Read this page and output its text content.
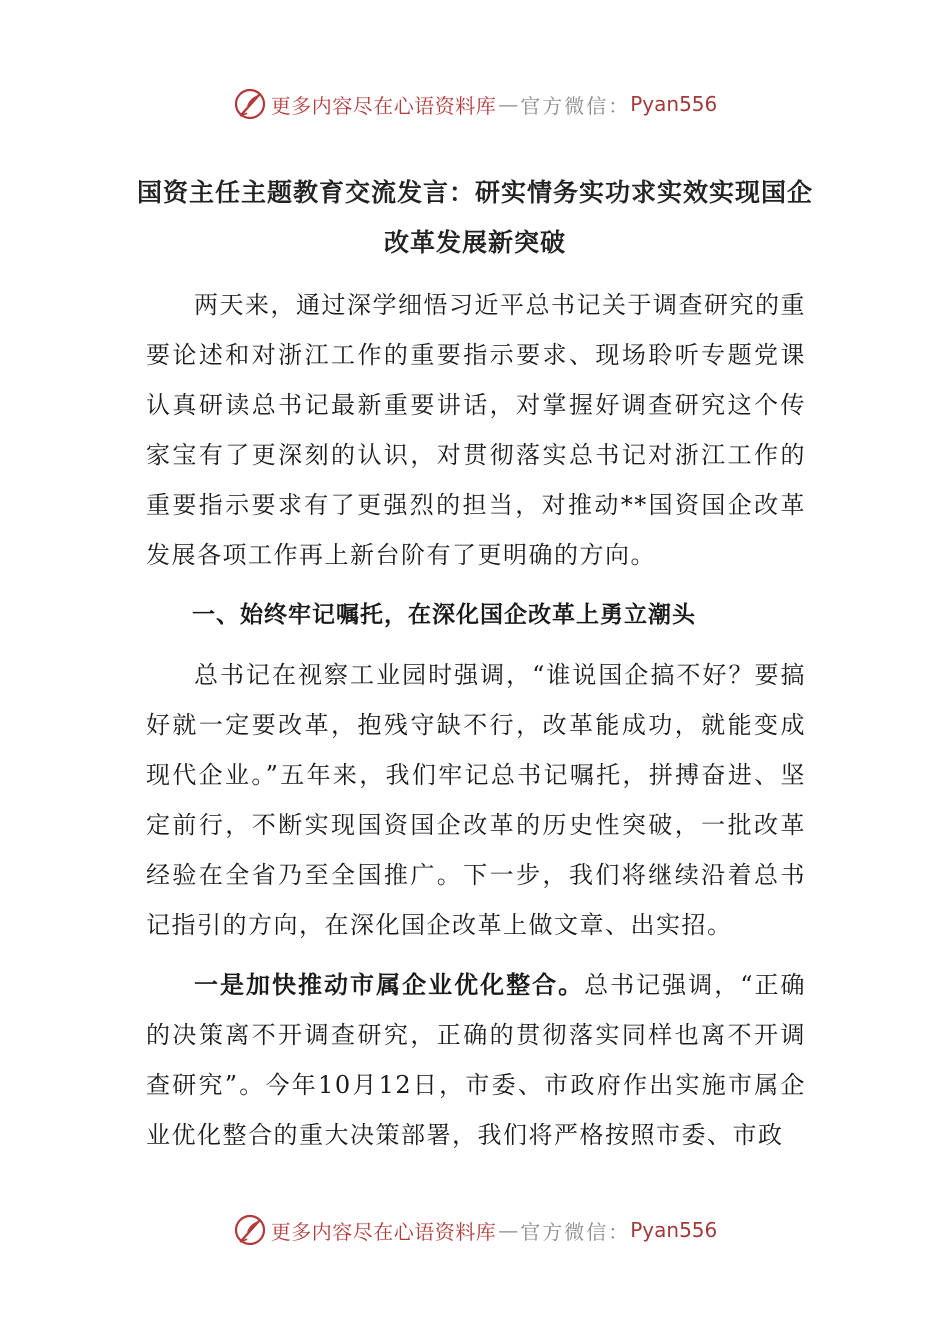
更多内容尽在心语资料库 — 官方微信： Pyan556
国资主任主题教育交流发言：研实情务实功求实效实现国企改革发展新突破

两天来，通过深学细悟习近平总书记关于调查研究的重要论述和对浙江工作的重要指示要求、现场聆听专题党课认真研读总书记最新重要讲话，对掌握好调查研究这个传家宝有了更深刻的认识，对贯彻落实总书记对浙江工作的重要指示要求有了更强烈的担当，对推动**国资国企改革发展各项工作再上新台阶有了更明确的方向。

一、始终牢记嘱托，在深化国企改革上勇立潮头

总书记在视察工业园时强调，“谁说国企搞不好？要搞好就一定要改革，抱残守缺不行，改革能成功，就能变成现代企业。”五年来，我们牢记总书记嘱托，拼搏奋进、坚定前行，不断实现国资国企改革的历史性突破，一批改革经验在全省乃至全国推广。下一步，我们将继续沿着总书记指引的方向，在深化国企改革上做文章、出实招。

一是加快推动市属企业优化整合。总书记强调，“正确的决策离不开调查研究，正确的贯彻落实同样也离不开调查研究”。今年10月12日，市委、市政府作出实施市属企业优化整合的重大决策部署，我们将严格按照市委、市政

更多内容尽在心语资料库 — 官方微信： Pyan556
